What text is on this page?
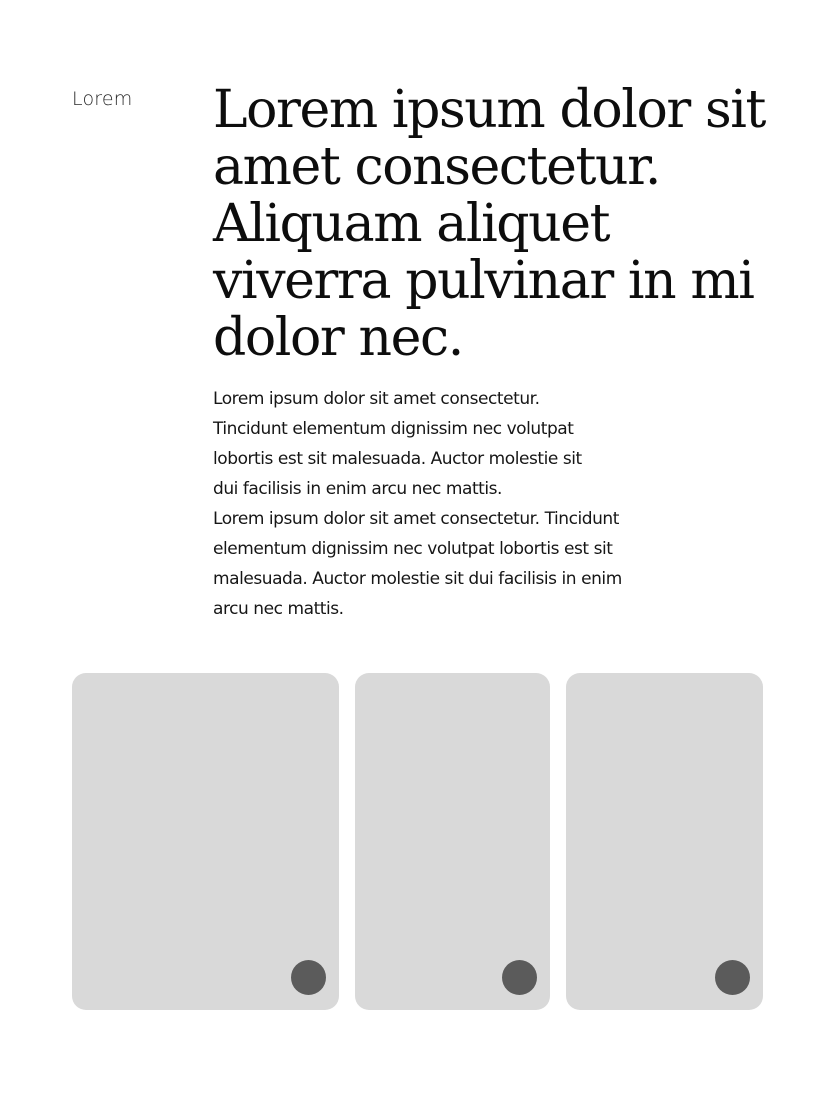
Lorem Lorem ipsum dolor sit amet consectetur. Aliquam aliquet viverra pulvinar in mi dolor nec.
Lorem ipsum dolor sit amet consectetur.
Tincidunt elementum dignissim nec volutpat
lobortis est sit malesuada. Auctor molestie sit
dui facilisis in enim arcu nec mattis.
Lorem ipsum dolor sit amet consectetur. Tincidunt
elementum dignissim nec volutpat lobortis est sit
malesuada. Auctor molestie sit dui facilisis in enim
arcu nec mattis.
